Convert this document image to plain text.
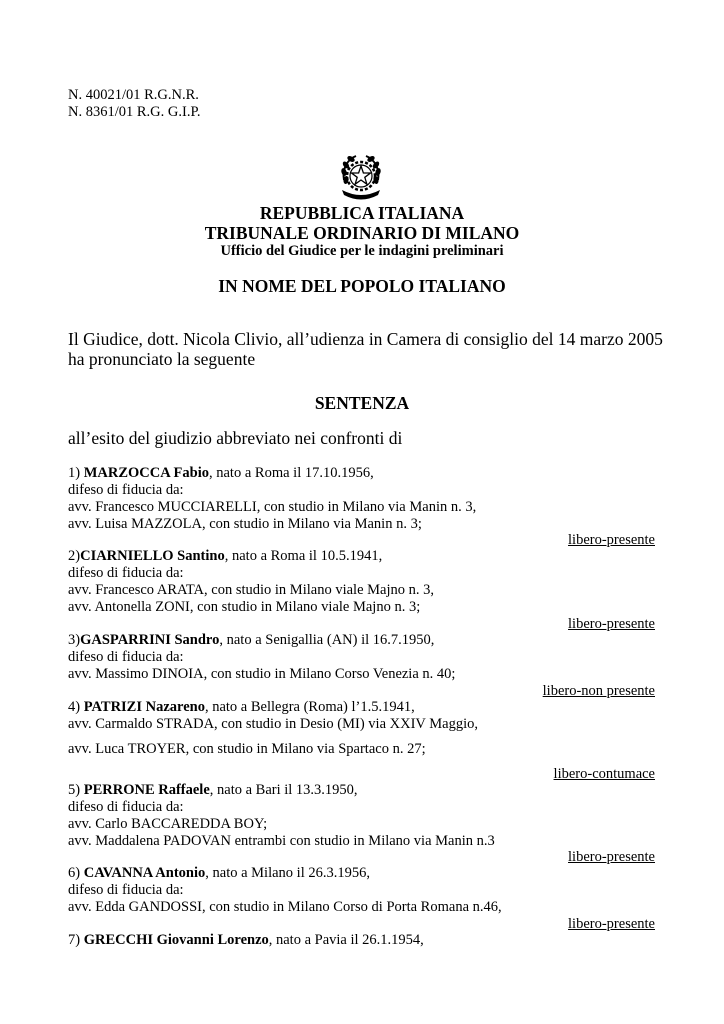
N. 40021/01 R.G.N.R.
N. 8361/01 R.G. G.I.P.
REPUBBLICA ITALIANA
TRIBUNALE ORDINARIO DI MILANO
Ufficio del Giudice per le indagini preliminari
IN NOME DEL POPOLO ITALIANO
Il Giudice, dott. Nicola Clivio, all’udienza in Camera di consiglio del 14 marzo 2005
ha pronunciato la seguente
SENTENZA
all’esito del giudizio abbreviato nei confronti di
1) MARZOCCA Fabio, nato a Roma il 17.10.1956,
difeso di fiducia da:
avv. Francesco MUCCIARELLI, con studio in Milano via Manin n. 3,
avv. Luisa MAZZOLA, con studio in Milano via Manin n. 3;
libero-presente
2)CIARNIELLO Santino, nato a Roma il 10.5.1941,
difeso di fiducia da:
avv. Francesco ARATA, con studio in Milano viale Majno n. 3,
avv. Antonella ZONI, con studio in Milano viale Majno n. 3;
libero-presente
3)GASPARRINI Sandro, nato a Senigallia (AN) il 16.7.1950,
difeso di fiducia da:
avv. Massimo DINOIA, con studio in Milano Corso Venezia n. 40;
libero-non presente
4) PATRIZI Nazareno, nato a Bellegra (Roma) l’1.5.1941,
avv. Carmaldo STRADA, con studio in Desio (MI) via XXIV Maggio,
avv. Luca TROYER, con studio in Milano via Spartaco n. 27;
libero-contumace
5) PERRONE Raffaele, nato a Bari il 13.3.1950,
difeso di fiducia da:
avv. Carlo BACCAREDDA BOY;
avv. Maddalena PADOVAN entrambi con studio in Milano via Manin n.3
libero-presente
6) CAVANNA Antonio, nato a Milano il 26.3.1956,
difeso di fiducia da:
avv. Edda GANDOSSI, con studio in Milano Corso di Porta Romana n.46,
libero-presente
7) GRECCHI Giovanni Lorenzo, nato a Pavia il 26.1.1954,
